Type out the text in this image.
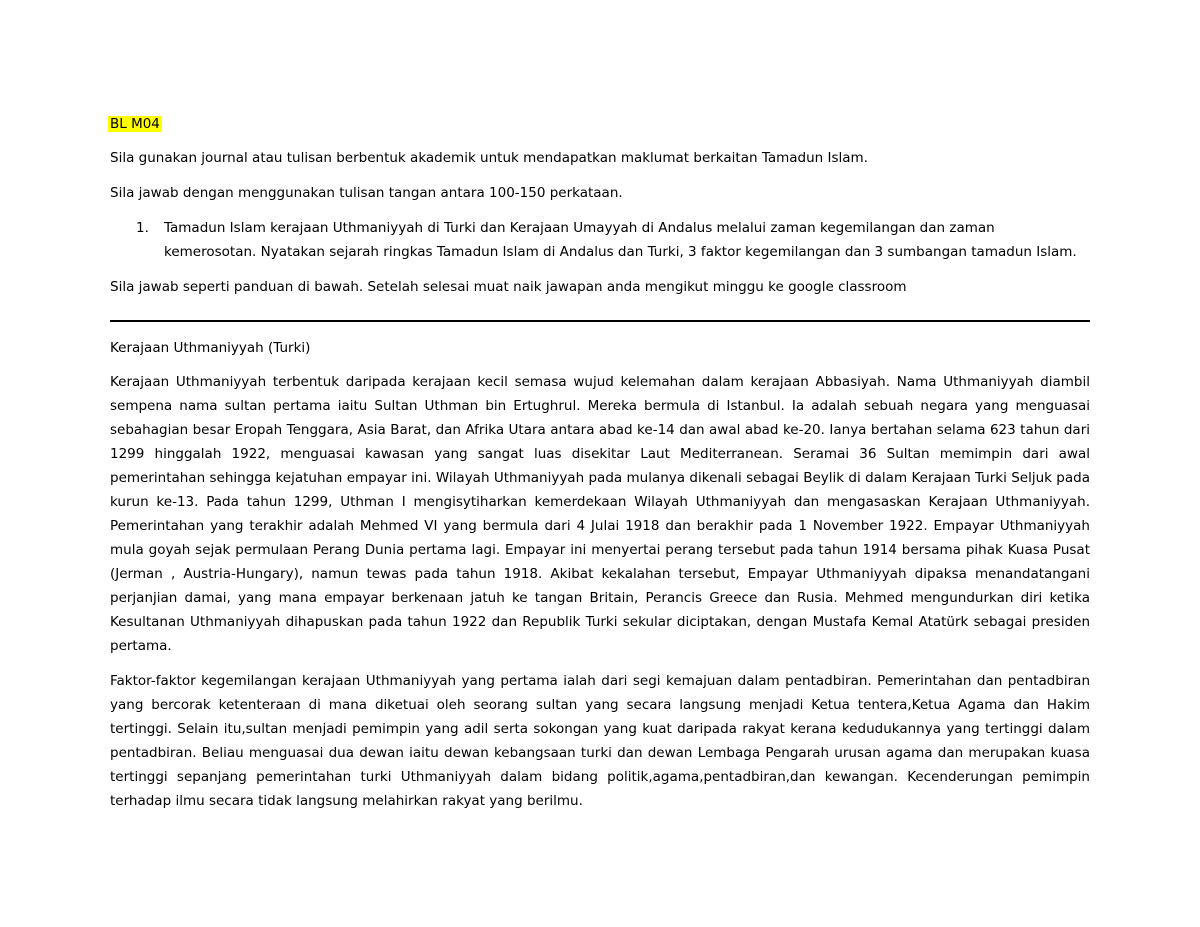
BL M04

Sila gunakan journal atau tulisan berbentuk akademik untuk mendapatkan maklumat berkaitan Tamadun Islam.

Sila jawab dengan menggunakan tulisan tangan antara 100-150 perkataan.

1.	Tamadun Islam kerajaan Uthmaniyyah di Turki dan Kerajaan Umayyah di Andalus melalui zaman kegemilangan dan zaman kemerosotan. Nyatakan sejarah ringkas Tamadun Islam di Andalus dan Turki, 3 faktor kegemilangan dan 3 sumbangan tamadun Islam.

Sila jawab seperti panduan di bawah. Setelah selesai muat naik jawapan anda mengikut minggu ke google classroom

Kerajaan Uthmaniyyah (Turki)

Kerajaan Uthmaniyyah terbentuk daripada kerajaan kecil semasa wujud kelemahan dalam kerajaan Abbasiyah. Nama Uthmaniyyah diambil sempena nama sultan pertama iaitu Sultan Uthman bin Ertughrul. Mereka bermula di Istanbul. Ia adalah sebuah negara yang menguasai sebahagian besar Eropah Tenggara, Asia Barat, dan Afrika Utara antara abad ke-14 dan awal abad ke-20. Ianya bertahan selama 623 tahun dari 1299 hinggalah 1922, menguasai kawasan yang sangat luas disekitar Laut Mediterranean. Seramai 36 Sultan memimpin dari awal pemerintahan sehingga kejatuhan empayar ini. Wilayah Uthmaniyyah pada mulanya dikenali sebagai Beylik di dalam Kerajaan Turki Seljuk pada kurun ke-13. Pada tahun 1299, Uthman I mengisytiharkan kemerdekaan Wilayah Uthmaniyyah dan mengasaskan Kerajaan Uthmaniyyah. Pemerintahan yang terakhir adalah Mehmed VI yang bermula dari 4 Julai 1918 dan berakhir pada 1 November 1922. Empayar Uthmaniyyah mula goyah sejak permulaan Perang Dunia pertama lagi. Empayar ini menyertai perang tersebut pada tahun 1914 bersama pihak Kuasa Pusat (Jerman , Austria-Hungary), namun tewas pada tahun 1918. Akibat kekalahan tersebut, Empayar Uthmaniyyah dipaksa menandatangani perjanjian damai, yang mana empayar berkenaan jatuh ke tangan Britain, Perancis Greece dan Rusia. Mehmed mengundurkan diri ketika Kesultanan Uthmaniyyah dihapuskan pada tahun 1922 dan Republik Turki sekular diciptakan, dengan Mustafa Kemal Atatürk sebagai presiden pertama.

Faktor-faktor kegemilangan kerajaan Uthmaniyyah yang pertama ialah dari segi kemajuan dalam pentadbiran. Pemerintahan dan pentadbiran yang bercorak ketenteraan di mana diketuai oleh seorang sultan yang secara langsung menjadi Ketua tentera,Ketua Agama dan Hakim tertinggi. Selain itu,sultan menjadi pemimpin yang adil serta sokongan yang kuat daripada rakyat kerana kedudukannya yang tertinggi dalam pentadbiran. Beliau menguasai dua dewan iaitu dewan kebangsaan turki dan dewan Lembaga Pengarah urusan agama dan merupakan kuasa tertinggi sepanjang pemerintahan turki Uthmaniyyah dalam bidang politik,agama,pentadbiran,dan kewangan. Kecenderungan pemimpin terhadap ilmu secara tidak langsung melahirkan rakyat yang berilmu.
